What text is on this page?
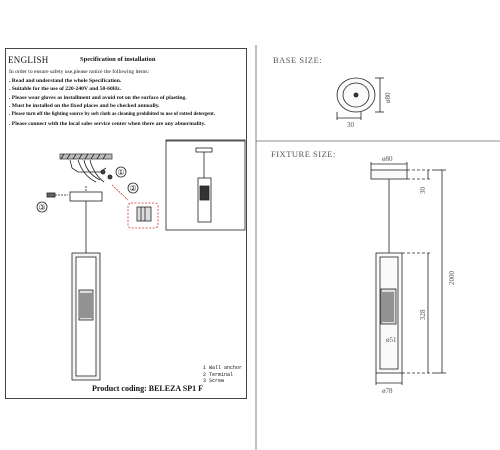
ENGLISH	Specification of installation
In order to ensure safety use,please notice the following items:
. Read and understand the whole Specification.
. Suitable for the use of 220-240V and 50-60Hz.
. Please wear gloves as installment and avoid rot on the surface of plaeting.
. Must be installed on the fixed places and be checked annually.
. Please turn off the lighting source by soft cloth as cleaning prohibited to use of rotted detergent.
. Please connect with the local sales service center when there are any abnormality.
①
②
③
ø80
30
ø80
30
2000
328
ø51
ø78
BASE SIZE:
FIXTURE SIZE:
1 Wall anchor
2 Terminal
3 Screw
Product coding: BELEZA SP1 F
